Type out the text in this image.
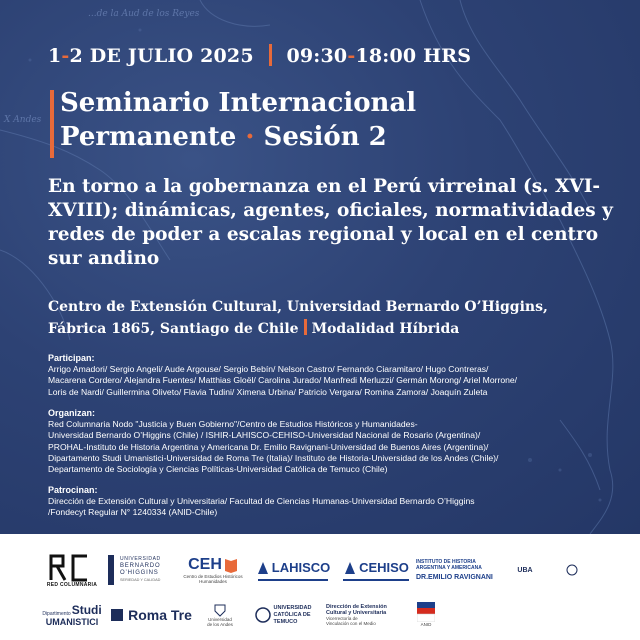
...de la Aud de los Reyes
X Andes
1-2 DE JULIO 2025 09:30-18:00 HRS
Seminario Internacional
Permanente · Sesión 2
En torno a la gobernanza en el Perú virreinal (s. XVI-XVIII); dinámicas, agentes, oficiales, normatividades y redes de poder a escalas regional y local en el centro sur andino
Centro de Extensión Cultural, Universidad Bernardo O’Higgins,
Fábrica 1865, Santiago de Chile Modalidad Híbrida
Participan:
Arrigo Amadori/ Sergio Angeli/ Aude Argouse/ Sergio Bebín/ Nelson Castro/ Fernando Ciaramitaro/ Hugo Contreras/
Macarena Cordero/ Alejandra Fuentes/ Matthias Gloël/ Carolina Jurado/ Manfredi Merluzzi/ Germán Morong/ Ariel Morrone/
Loris de Nardi/ Guillermina Oliveto/ Flavia Tudini/ Ximena Urbina/ Patricio Vergara/ Romina Zamora/ Joaquín Zuleta
Organizan:
Red Columnaria Nodo "Justicia y Buen Gobierno"/Centro de Estudios Históricos y Humanidades-
Universidad Bernardo O’Higgins (Chile) / ISHIR-LAHISCO-CEHISO-Universidad Nacional de Rosario (Argentina)/
PROHAL-Instituto de Historia Argentina y Americana Dr. Emilio Ravignani-Universidad de Buenos Aires (Argentina)/
Dipartamento Studi Umanistici-Universidad de Roma Tre (Italia)/ Instituto de Historia-Universidad de los Andes (Chile)/
Departamento de Sociología y Ciencias Políticas-Universidad Católica de Temuco (Chile)
Patrocinan:
Dirección de Extensión Cultural y Universitaria/ Facultad de Ciencias Humanas-Universidad Bernardo O’Higgins
/Fondecyt Regular N° 1240334 (ANID-Chile)
RED COLUMNARIA
UNIVERSIDAD
BERNARDO
O’HIGGINS
SERIEDAD Y CALIDAD
CEH
Centro de Estudios Históricos Humanidades
LAHISCO CEHISO INSTITUTO DE HISTORIA
ARGENTINA Y AMERICANA
DR.EMILIO RAVIGNANI
UBA
Dipartimento Studi
UMANISTICI Roma Tre	Universidad
de los Andes
UNIVERSIDAD
CATÓLICA DE
TEMUCO
Dirección de Extensión
Cultural y Universitaria
Vicerrectoría de
Vinculación con el Medio	ANID
